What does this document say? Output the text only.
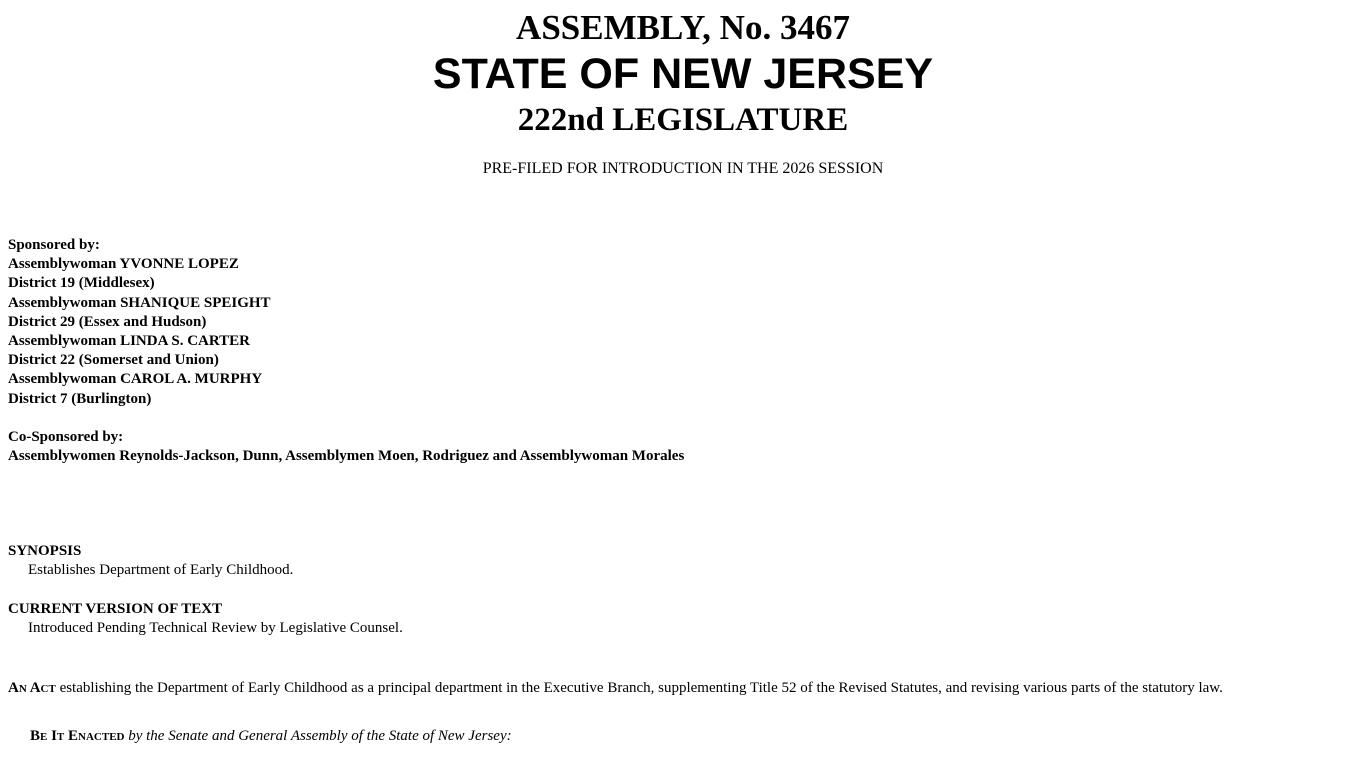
ASSEMBLY, No. 3467
STATE OF NEW JERSEY
222nd LEGISLATURE
PRE-FILED FOR INTRODUCTION IN THE 2026 SESSION
Sponsored by:
Assemblywoman YVONNE LOPEZ
District 19 (Middlesex)
Assemblywoman SHANIQUE SPEIGHT
District 29 (Essex and Hudson)
Assemblywoman LINDA S. CARTER
District 22 (Somerset and Union)
Assemblywoman CAROL A. MURPHY
District 7 (Burlington)
Co-Sponsored by:
Assemblywomen Reynolds-Jackson, Dunn, Assemblymen Moen, Rodriguez and Assemblywoman Morales
SYNOPSIS
Establishes Department of Early Childhood.
CURRENT VERSION OF TEXT
Introduced Pending Technical Review by Legislative Counsel.
An Act establishing the Department of Early Childhood as a principal department in the Executive Branch, supplementing Title 52 of the Revised Statutes, and revising various parts of the statutory law.
Be It Enacted by the Senate and General Assembly of the State of New Jersey:
